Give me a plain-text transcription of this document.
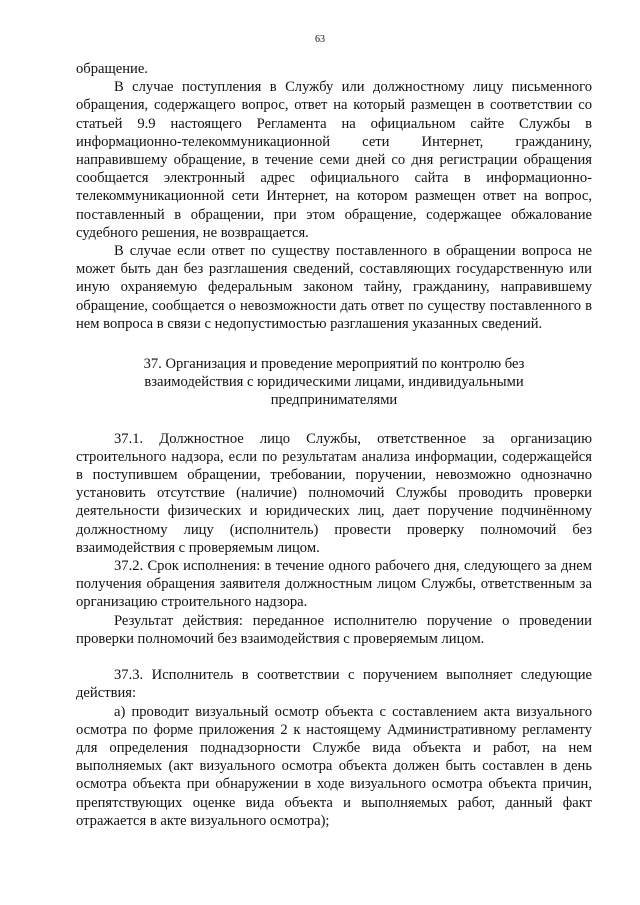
63

обращение.

В случае поступления в Службу или должностному лицу письменного обращения, содержащего вопрос, ответ на который размещен в соответствии со статьей 9.9 настоящего Регламента на официальном сайте Службы в информационно-телекоммуникационной сети Интернет, гражданину, направившему обращение, в течение семи дней со дня регистрации обращения сообщается электронный адрес официального сайта в информационно-телекоммуникационной сети Интернет, на котором размещен ответ на вопрос, поставленный в обращении, при этом обращение, содержащее обжалование судебного решения, не возвращается.

В случае если ответ по существу поставленного в обращении вопроса не может быть дан без разглашения сведений, составляющих государственную или иную охраняемую федеральным законом тайну, гражданину, направившему обращение, сообщается о невозможности дать ответ по существу поставленного в нем вопроса в связи с недопустимостью разглашения указанных сведений.

37. Организация и проведение мероприятий по контролю без взаимодействия с юридическими лицами, индивидуальными предпринимателями

37.1. Должностное лицо Службы, ответственное за организацию строительного надзора, если по результатам анализа информации, содержащейся в поступившем обращении, требовании, поручении, невозможно однозначно установить отсутствие (наличие) полномочий Службы проводить проверки деятельности физических и юридических лиц, дает поручение подчинённому должностному лицу (исполнитель) провести проверку полномочий без взаимодействия с проверяемым лицом.

37.2. Срок исполнения: в течение одного рабочего дня, следующего за днем получения обращения заявителя должностным лицом Службы, ответственным за организацию строительного надзора.

Результат действия: переданное исполнителю поручение о проведении проверки полномочий без взаимодействия с проверяемым лицом.

37.3. Исполнитель в соответствии с поручением выполняет следующие действия:

а) проводит визуальный осмотр объекта с составлением акта визуального осмотра по форме приложения 2 к настоящему Административному регламенту для определения поднадзорности Службе вида объекта и работ, на нем выполняемых (акт визуального осмотра объекта должен быть составлен в день осмотра объекта при обнаружении в ходе визуального осмотра объекта причин, препятствующих оценке вида объекта и выполняемых работ, данный факт отражается в акте визуального осмотра);
